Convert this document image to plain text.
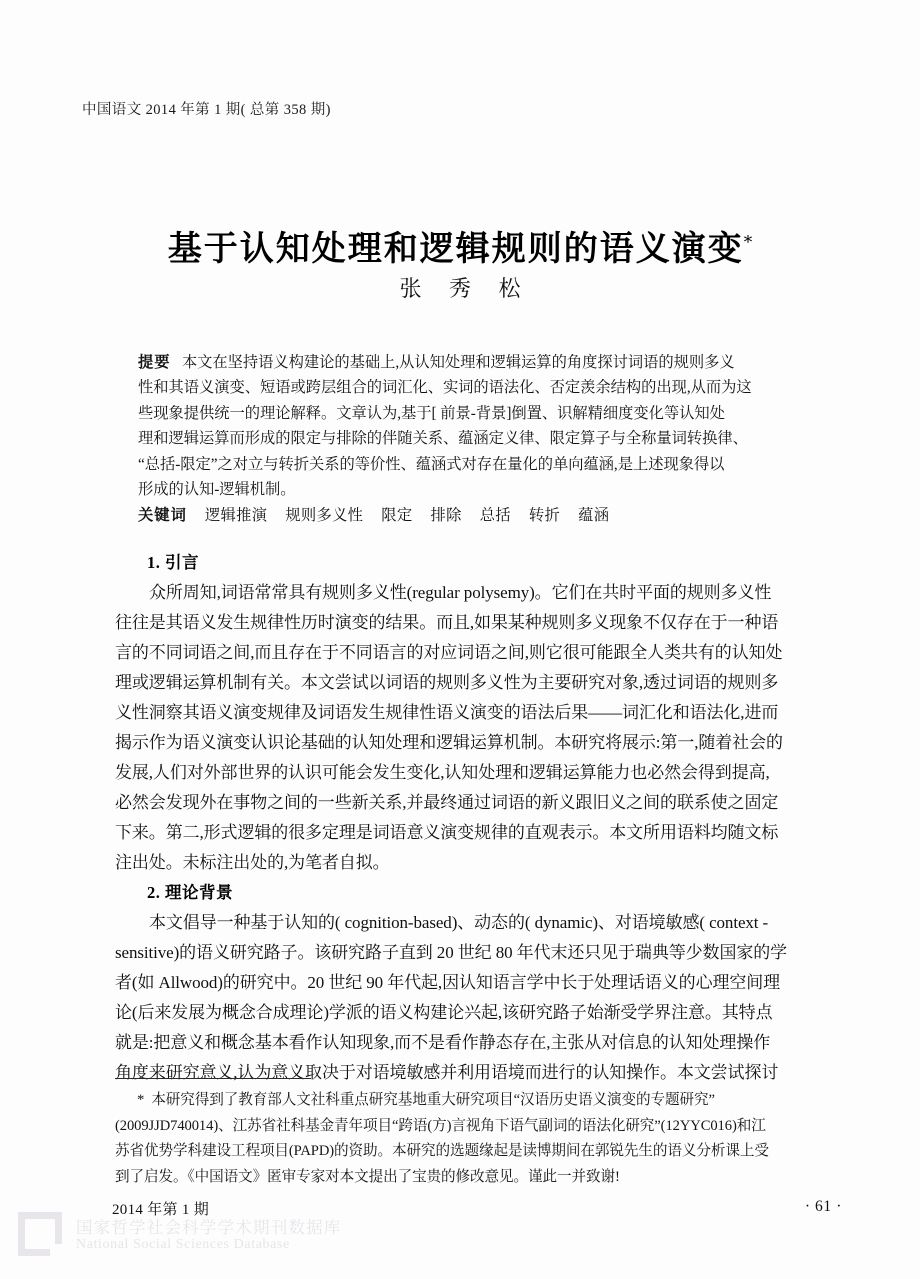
中国语文 2014 年第 1 期( 总第 358 期)
基于认知处理和逻辑规则的语义演变*
张 秀 松
提要 本文在坚持语义构建论的基础上,从认知处理和逻辑运算的角度探讨词语的规则多义
性和其语义演变、短语或跨层组合的词汇化、实词的语法化、否定羡余结构的出现,从而为这
些现象提供统一的理论解释。文章认为,基于[ 前景-背景]倒置、识解精细度变化等认知处
理和逻辑运算而形成的限定与排除的伴随关系、蕴涵定义律、限定算子与全称量词转换律、
“总括-限定”之对立与转折关系的等价性、蕴涵式对存在量化的单向蕴涵,是上述现象得以
形成的认知-逻辑机制。
关键词 逻辑推演 规则多义性 限定 排除 总括 转折 蕴涵
1. 引言
众所周知,词语常常具有规则多义性(regular polysemy)。它们在共时平面的规则多义性
往往是其语义发生规律性历时演变的结果。而且,如果某种规则多义现象不仅存在于一种语
言的不同词语之间,而且存在于不同语言的对应词语之间,则它很可能跟全人类共有的认知处
理或逻辑运算机制有关。本文尝试以词语的规则多义性为主要研究对象,透过词语的规则多
义性洞察其语义演变规律及词语发生规律性语义演变的语法后果——词汇化和语法化,进而
揭示作为语义演变认识论基础的认知处理和逻辑运算机制。本研究将展示:第一,随着社会的
发展,人们对外部世界的认识可能会发生变化,认知处理和逻辑运算能力也必然会得到提高,
必然会发现外在事物之间的一些新关系,并最终通过词语的新义跟旧义之间的联系使之固定
下来。第二,形式逻辑的很多定理是词语意义演变规律的直观表示。本文所用语料均随文标
注出处。未标注出处的,为笔者自拟。
2. 理论背景
本文倡导一种基于认知的( cognition-based)、动态的( dynamic)、对语境敏感( context -
sensitive)的语义研究路子。该研究路子直到 20 世纪 80 年代末还只见于瑞典等少数国家的学
者(如 Allwood)的研究中。20 世纪 90 年代起,因认知语言学中长于处理话语义的心理空间理
论(后来发展为概念合成理论)学派的语义构建论兴起,该研究路子始渐受学界注意。其特点
就是:把意义和概念基本看作认知现象,而不是看作静态存在,主张从对信息的认知处理操作
角度来研究意义,认为意义取决于对语境敏感并利用语境而进行的认知操作。本文尝试探讨
* 本研究得到了教育部人文社科重点研究基地重大研究项目“汉语历史语义演变的专题研究”
(2009JJD740014)、江苏省社科基金青年项目“跨语(方)言视角下语气副词的语法化研究”(12YYC016)和江
苏省优势学科建设工程项目(PAPD)的资助。本研究的选题缘起是读博期间在郭锐先生的语义分析课上受
到了启发。《中国语文》匿审专家对本文提出了宝贵的修改意见。谨此一并致谢!
2014 年第 1 期	· 61 ·
国家哲学社会科学学术期刊数据库
National Social Sciences Database
